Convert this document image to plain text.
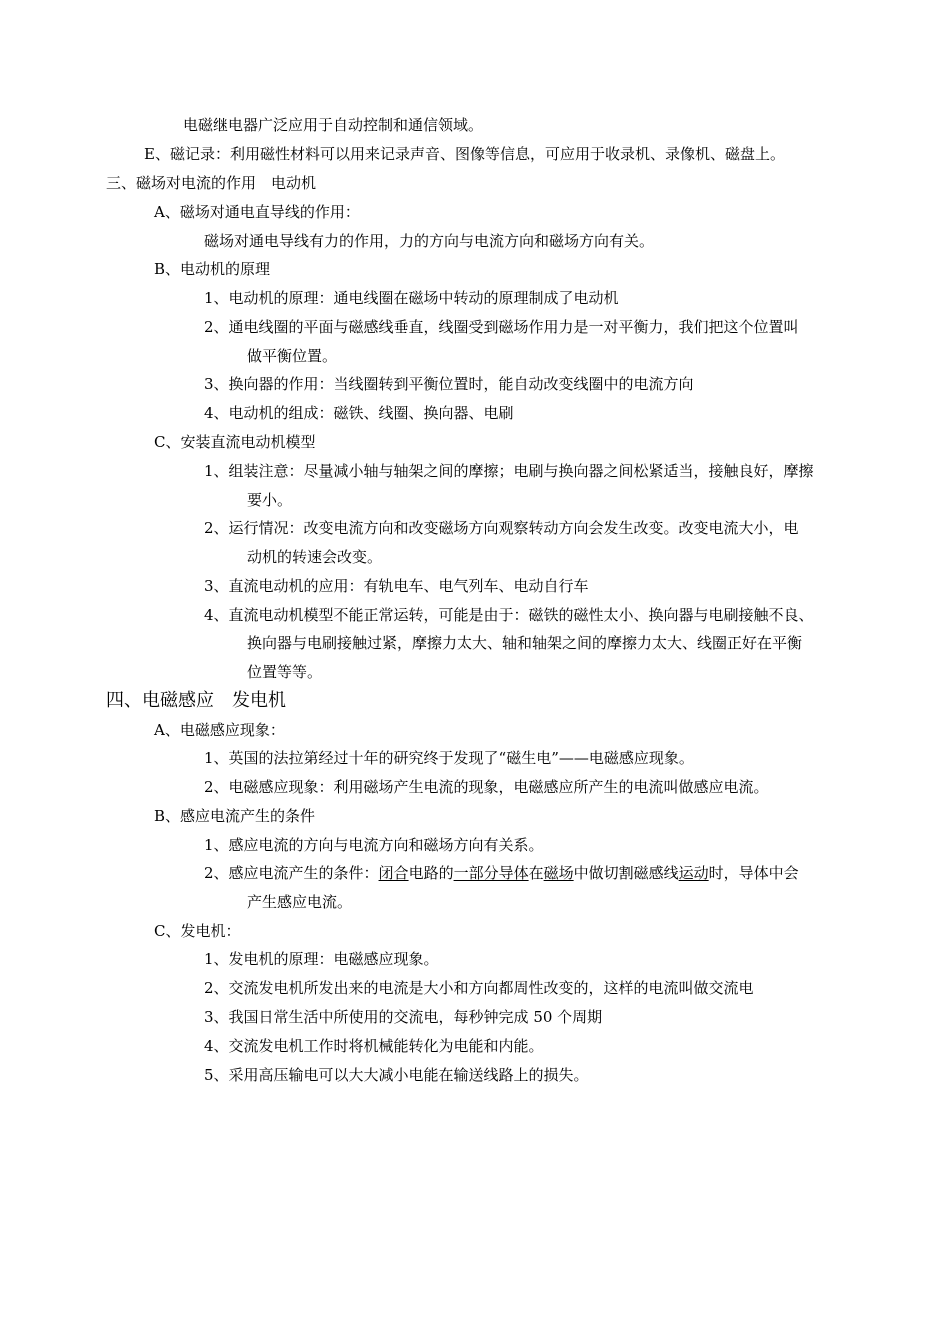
电磁继电器广泛应用于自动控制和通信领域。
E、磁记录：利用磁性材料可以用来记录声音、图像等信息，可应用于收录机、录像机、磁盘上。
三、磁场对电流的作用　电动机
A、磁场对通电直导线的作用：
磁场对通电导线有力的作用，力的方向与电流方向和磁场方向有关。
B、电动机的原理
1、电动机的原理：通电线圈在磁场中转动的原理制成了电动机
2、通电线圈的平面与磁感线垂直，线圈受到磁场作用力是一对平衡力，我们把这个位置叫
做平衡位置。
3、换向器的作用：当线圈转到平衡位置时，能自动改变线圈中的电流方向
4、电动机的组成：磁铁、线圈、换向器、电刷
C、安装直流电动机模型
1、组装注意：尽量减小轴与轴架之间的摩擦；电刷与换向器之间松紧适当，接触良好，摩擦
要小。
2、运行情况：改变电流方向和改变磁场方向观察转动方向会发生改变。改变电流大小，电
动机的转速会改变。
3、直流电动机的应用：有轨电车、电气列车、电动自行车
4、直流电动机模型不能正常运转，可能是由于：磁铁的磁性太小、换向器与电刷接触不良、
换向器与电刷接触过紧，摩擦力太大、轴和轴架之间的摩擦力太大、线圈正好在平衡
位置等等。
四、电磁感应　发电机
A、电磁感应现象：
1、英国的法拉第经过十年的研究终于发现了“磁生电”——电磁感应现象。
2、电磁感应现象：利用磁场产生电流的现象，电磁感应所产生的电流叫做感应电流。
B、感应电流产生的条件
1、感应电流的方向与电流方向和磁场方向有关系。
2、感应电流产生的条件：闭合电路的一部分导体在磁场中做切割磁感线运动时，导体中会
产生感应电流。
C、发电机：
1、发电机的原理：电磁感应现象。
2、交流发电机所发出来的电流是大小和方向都周性改变的，这样的电流叫做交流电
3、我国日常生活中所使用的交流电，每秒钟完成 50 个周期
4、交流发电机工作时将机械能转化为电能和内能。
5、采用高压输电可以大大减小电能在输送线路上的损失。
